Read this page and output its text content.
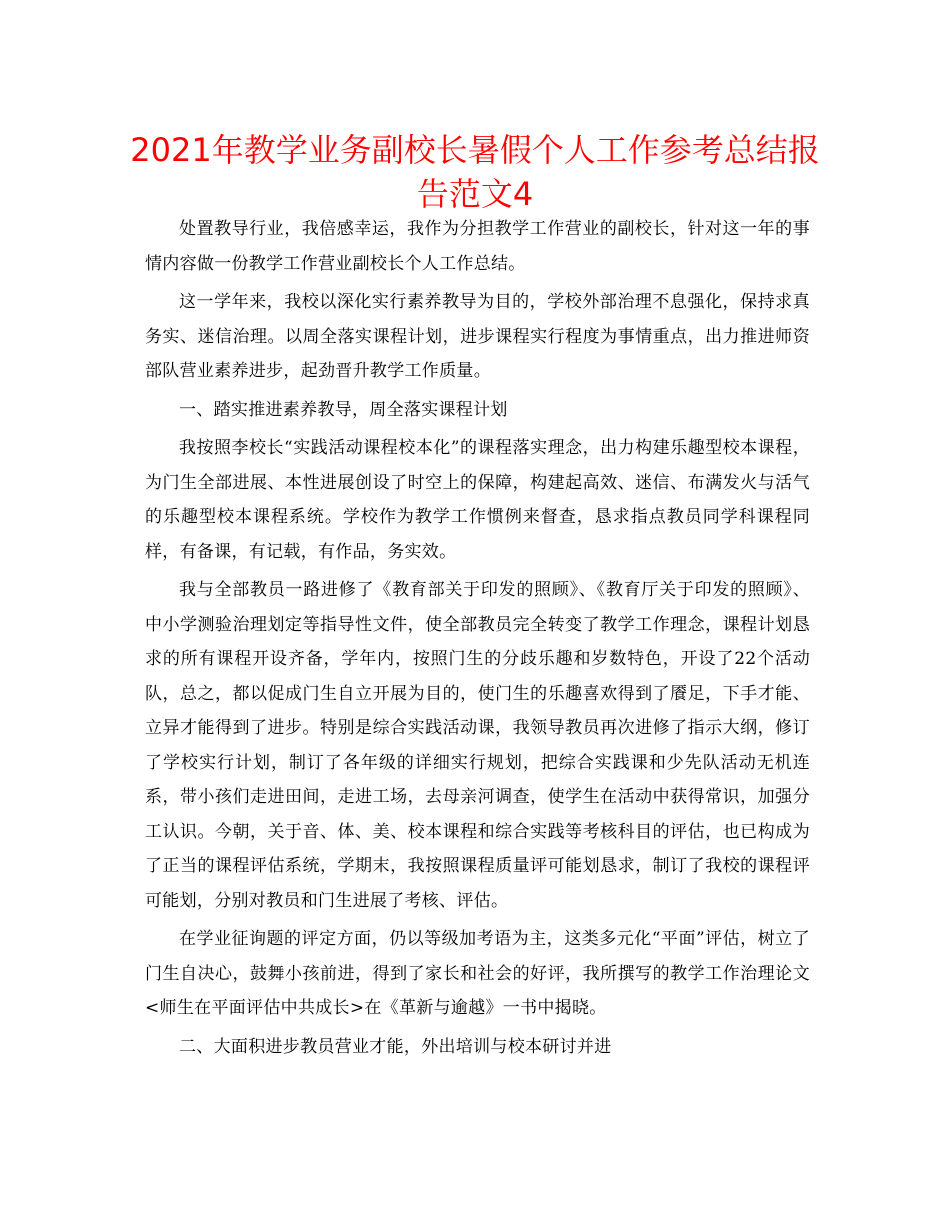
2021年教学业务副校长暑假个人工作参考总结报告范文4

处置教导行业，我倍感幸运，我作为分担教学工作营业的副校长，针对这一年的事情内容做一份教学工作营业副校长个人工作总结。

这一学年来，我校以深化实行素养教导为目的，学校外部治理不息强化，保持求真务实、迷信治理。以周全落实课程计划，进步课程实行程度为事情重点，出力推进师资部队营业素养进步，起劲晋升教学工作质量。

一、踏实推进素养教导，周全落实课程计划

我按照李校长“实践活动课程校本化”的课程落实理念，出力构建乐趣型校本课程，为门生全部进展、本性进展创设了时空上的保障，构建起高效、迷信、布满发火与活气的乐趣型校本课程系统。学校作为教学工作惯例来督查，恳求指点教员同学科课程同样，有备课，有记载，有作品，务实效。

我与全部教员一路进修了《教育部关于印发的照顾》、《教育厅关于印发的照顾》、中小学测验治理划定等指导性文件，使全部教员完全转变了教学工作理念，课程计划恳求的所有课程开设齐备，学年内，按照门生的分歧乐趣和岁数特色，开设了22个活动队，总之，都以促成门生自立开展为目的，使门生的乐趣喜欢得到了餍足，下手才能、立异才能得到了进步。特别是综合实践活动课，我领导教员再次进修了指示大纲，修订了学校实行计划，制订了各年级的详细实行规划，把综合实践课和少先队活动无机连系，带小孩们走进田间，走进工场，去母亲河调查，使学生在活动中获得常识，加强分工认识。今朝，关于音、体、美、校本课程和综合实践等考核科目的评估，也已构成为了正当的课程评估系统，学期末，我按照课程质量评可能划恳求，制订了我校的课程评可能划，分别对教员和门生进展了考核、评估。

在学业征询题的评定方面，仍以等级加考语为主，这类多元化“平面”评估，树立了门生自决心，鼓舞小孩前进，得到了家长和社会的好评，我所撰写的教学工作治理论文<师生在平面评估中共成长>在《革新与逾越》一书中揭晓。

二、大面积进步教员营业才能，外出培训与校本研讨并进
